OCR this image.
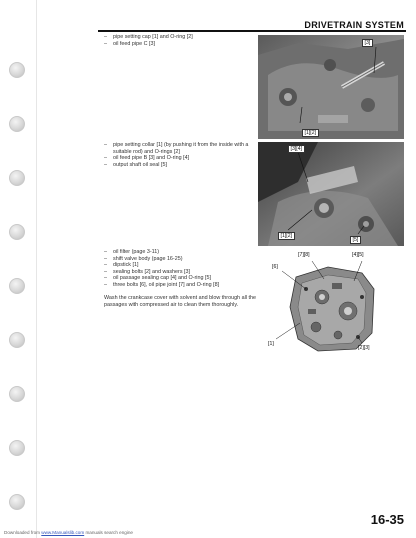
DRIVETRAIN SYSTEM
– pipe setting cap [1] and O-ring [2]
– oil feed pipe C [3]	[3]
[1][2]
– pipe setting collar [1] (by pushing it from the inside with a suitable rod) and O-rings [2]
– oil feed pipe B [3] and O-ring [4]
– output shaft oil seal [5]
[3][4]
[1][2]
[5]
– oil filter (page 3-11)
– shift valve body (page 16-25)
– dipstick [1]
– sealing bolts [2] and washers [3]
– oil passage sealing cap [4] and O-ring [5]
– three bolts [6], oil pipe joint [7] and O-ring [8]
Wash the crankcase cover with solvent and blow through all the passages with compressed air to clean them thoroughly.
[7][8]	[4][5]
[6]
[1]
[2][3]
16-35
Downloaded from www.Manualslib.com manuals search engine
